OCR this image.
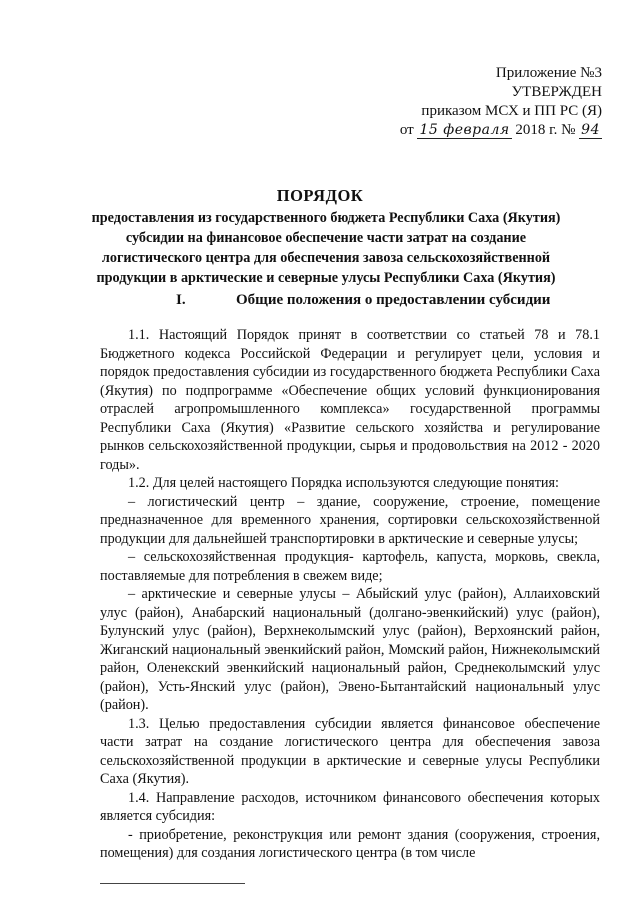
Приложение №3
УТВЕРЖДЕН
приказом МСХ и ПП РС (Я)
от 15 февраля 2018 г. № 94
ПОРЯДОК
предоставления из государственного бюджета Республики Саха (Якутия) субсидии на финансовое обеспечение части затрат на создание логистического центра для обеспечения завоза сельскохозяйственной продукции в арктические и северные улусы Республики Саха (Якутия)
I.	Общие положения о предоставлении субсидии

1.1. Настоящий Порядок принят в соответствии со статьей 78 и 78.1 Бюджетного кодекса Российской Федерации и регулирует цели, условия и порядок предоставления субсидии из государственного бюджета Республики Саха (Якутия) по подпрограмме «Обеспечение общих условий функционирования отраслей агропромышленного комплекса» государственной программы Республики Саха (Якутия) «Развитие сельского хозяйства и регулирование рынков сельскохозяйственной продукции, сырья и продовольствия на 2012 - 2020 годы».

1.2. Для целей настоящего Порядка используются следующие понятия:

– логистический центр – здание, сооружение, строение, помещение предназначенное для временного хранения, сортировки сельскохозяйственной продукции для дальнейшей транспортировки в арктические и северные улусы;

– сельскохозяйственная продукция- картофель, капуста, морковь, свекла, поставляемые для потребления в свежем виде;

– арктические и северные улусы – Абыйский улус (район), Аллаиховский улус (район), Анабарский национальный (долгано-эвенкийский) улус (район), Булунский улус (район), Верхнеколымский улус (район), Верхоянский район, Жиганский национальный эвенкийский район, Момский район, Нижнеколымский район, Оленекский эвенкийский национальный район, Среднеколымский улус (район), Усть-Янский улус (район), Эвено-Бытантайский национальный улус (район).

1.3. Целью предоставления субсидии является финансовое обеспечение части затрат на создание логистического центра для обеспечения завоза сельскохозяйственной продукции в арктические и северные улусы Республики Саха (Якутия).

1.4. Направление расходов, источником финансового обеспечения которых является субсидия:

- приобретение, реконструкция или ремонт здания (сооружения, строения, помещения) для создания логистического центра (в том числе
